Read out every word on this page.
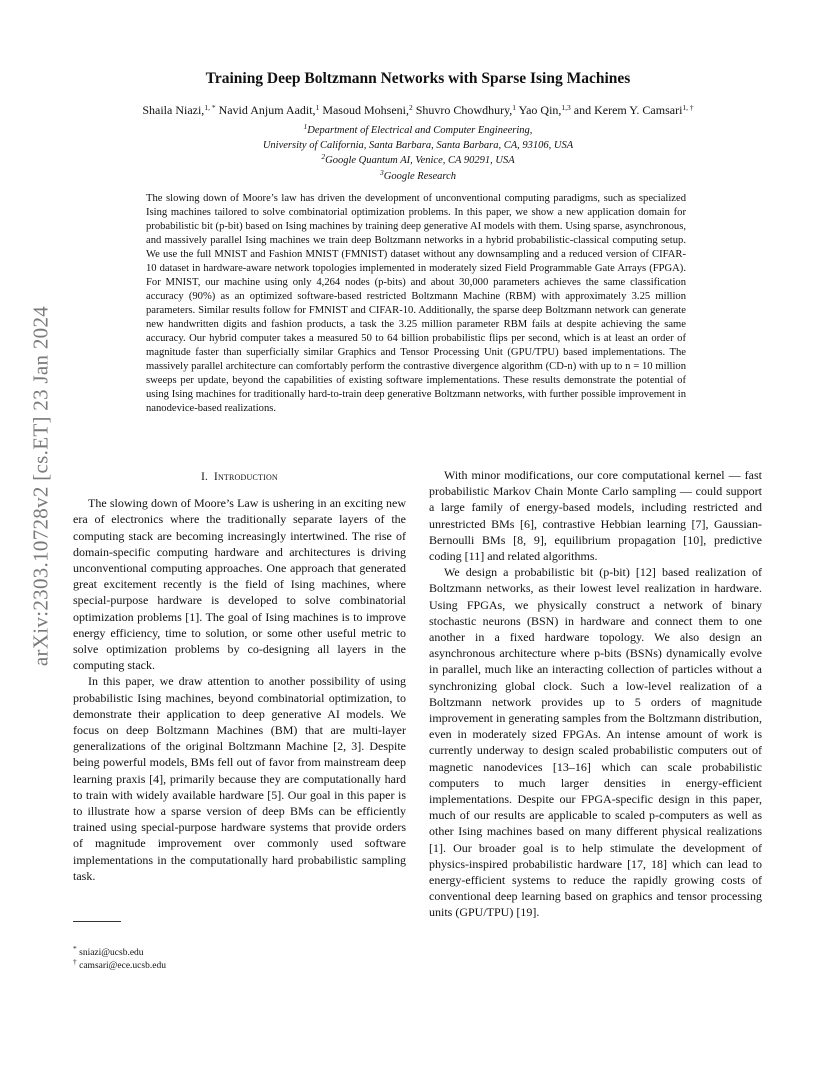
arXiv:2303.10728v2 [cs.ET] 23 Jan 2024
Training Deep Boltzmann Networks with Sparse Ising Machines
Shaila Niazi,$^{1, *}$ Navid Anjum Aadit,$^1$ Masoud Mohseni,$^2$ Shuvro Chowdhury,$^1$ Yao Qin,$^{1,3}$ and Kerem Y. Camsari$^{1, \dagger}$
$^1$Department of Electrical and Computer Engineering,
University of California, Santa Barbara, Santa Barbara, CA, 93106, USA
$^2$Google Quantum AI, Venice, CA 90291, USA
$^3$Google Research
The slowing down of Moore’s law has driven the development of unconventional computing paradigms, such as specialized Ising machines tailored to solve combinatorial optimization problems. In this paper, we show a new application domain for probabilistic bit (p-bit) based on Ising machines by training deep generative AI models with them. Using sparse, asynchronous, and massively parallel Ising machines we train deep Boltzmann networks in a hybrid probabilistic-classical computing setup. We use the full MNIST and Fashion MNIST (FMNIST) dataset without any downsampling and a reduced version of CIFAR-10 dataset in hardware-aware network topologies implemented in moderately sized Field Programmable Gate Arrays (FPGA). For MNIST, our machine using only 4,264 nodes (p-bits) and about 30,000 parameters achieves the same classification accuracy (90%) as an optimized software-based restricted Boltzmann Machine (RBM) with approximately 3.25 million parameters. Similar results follow for FMNIST and CIFAR-10. Additionally, the sparse deep Boltzmann network can generate new handwritten digits and fashion products, a task the 3.25 million parameter RBM fails at despite achieving the same accuracy. Our hybrid computer takes a measured 50 to 64 billion probabilistic flips per second, which is at least an order of magnitude faster than superficially similar Graphics and Tensor Processing Unit (GPU/TPU) based implementations. The massively parallel architecture can comfortably perform the contrastive divergence algorithm (CD-n) with up to n = 10 million sweeps per update, beyond the capabilities of existing software implementations. These results demonstrate the potential of using Ising machines for traditionally hard-to-train deep generative Boltzmann networks, with further possible improvement in nanodevice-based realizations.
I. Introduction

The slowing down of Moore’s Law is ushering in an exciting new era of electronics where the traditionally separate layers of the computing stack are becoming increasingly intertwined. The rise of domain-specific computing hardware and architectures is driving unconventional computing approaches. One approach that generated great excitement recently is the field of Ising machines, where special-purpose hardware is developed to solve combinatorial optimization problems [1]. The goal of Ising machines is to improve energy efficiency, time to solution, or some other useful metric to solve optimization problems by co-designing all layers in the computing stack.

In this paper, we draw attention to another possibility of using probabilistic Ising machines, beyond combinatorial optimization, to demonstrate their application to deep generative AI models. We focus on deep Boltzmann Machines (BM) that are multi-layer generalizations of the original Boltzmann Machine [2, 3]. Despite being powerful models, BMs fell out of favor from mainstream deep learning praxis [4], primarily because they are computationally hard to train with widely available hardware [5]. Our goal in this paper is to illustrate how a sparse version of deep BMs can be efficiently trained using special-purpose hardware systems that provide orders of magnitude improvement over commonly used software implementations in the computationally hard probabilistic sampling task.

With minor modifications, our core computational kernel — fast probabilistic Markov Chain Monte Carlo sampling — could support a large family of energy-based models, including restricted and unrestricted BMs [6], contrastive Hebbian learning [7], Gaussian-Bernoulli BMs [8, 9], equilibrium propagation [10], predictive coding [11] and related algorithms.

We design a probabilistic bit (p-bit) [12] based realization of Boltzmann networks, as their lowest level realization in hardware. Using FPGAs, we physically construct a network of binary stochastic neurons (BSN) in hardware and connect them to one another in a fixed hardware topology. We also design an asynchronous architecture where p-bits (BSNs) dynamically evolve in parallel, much like an interacting collection of particles without a synchronizing global clock. Such a low-level realization of a Boltzmann network provides up to 5 orders of magnitude improvement in generating samples from the Boltzmann distribution, even in moderately sized FPGAs. An intense amount of work is currently underway to design scaled probabilistic computers out of magnetic nanodevices [13–16] which can scale probabilistic computers to much larger densities in energy-efficient implementations. Despite our FPGA-specific design in this paper, much of our results are applicable to scaled p-computers as well as other Ising machines based on many different physical realizations [1]. Our broader goal is to help stimulate the development of physics-inspired probabilistic hardware [17, 18] which can lead to energy-efficient systems to reduce the rapidly growing costs of conventional deep learning based on graphics and tensor processing units (GPU/TPU) [19].

* sniazi@ucsb.edu
† camsari@ece.ucsb.edu
